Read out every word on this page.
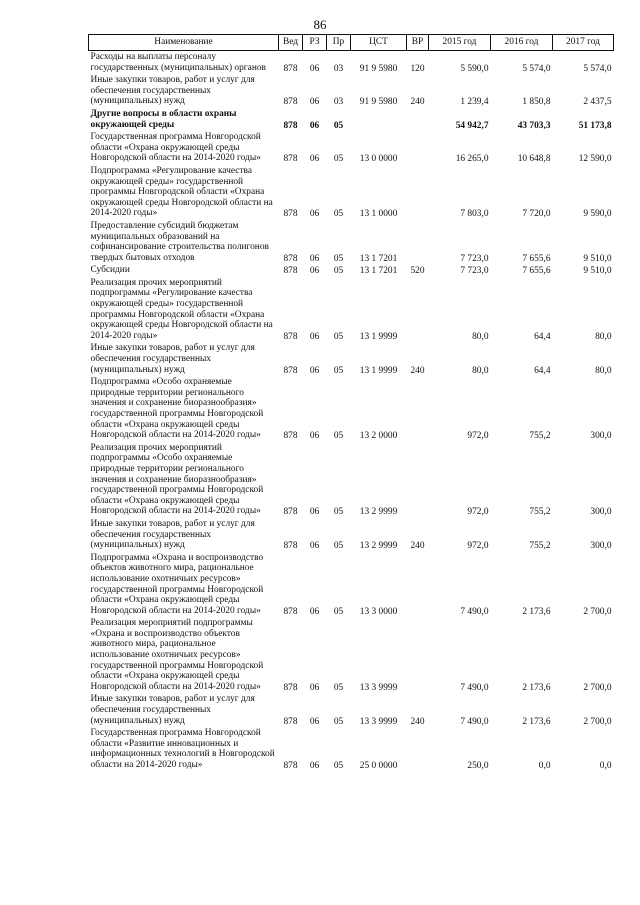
86
Наименование	Вед	РЗ	Пр	ЦСТ	ВР	2015 год	2016 год	2017 год
Расходы на выплаты персоналу государственных (муниципальных) органов	878	06	03	91 9 5980	120	5 590,0	5 574,0	5 574,0
Иные закупки товаров, работ и услуг для обеспечения государственных (муниципальных) нужд	878	06	03	91 9 5980	240	1 239,4	1 850,8	2 437,5
Другие вопросы в области охраны окружающей среды	878	06	05			54 942,7	43 703,3	51 173,8
Государственная программа Новгородской области «Охрана окружающей среды Новгородской области на 2014-2020 годы»	878	06	05	13 0 0000		16 265,0	10 648,8	12 590,0
Подпрограмма «Регулирование качества окружающей среды» государственной программы Новгородской области «Охрана окружающей среды Новгородской области на 2014-2020 годы»	878	06	05	13 1 0000		7 803,0	7 720,0	9 590,0
Предоставление субсидий бюджетам муниципальных образований на софинансирование строительства полигонов твердых бытовых отходов	878	06	05	13 1 7201		7 723,0	7 655,6	9 510,0
Субсидии	878	06	05	13 1 7201	520	7 723,0	7 655,6	9 510,0
Реализация прочих мероприятий подпрограммы «Регулирование качества окружающей среды» государственной программы Новгородской области «Охрана окружающей среды Новгородской области на 2014-2020 годы»	878	06	05	13 1 9999		80,0	64,4	80,0
Иные закупки товаров, работ и услуг для обеспечения государственных (муниципальных) нужд	878	06	05	13 1 9999	240	80,0	64,4	80,0
Подпрограмма «Особо охраняемые природные территории регионального значения и сохранение биоразнообразия» государственной программы Новгородской области «Охрана окружающей среды Новгородской области на 2014-2020 годы»	878	06	05	13 2 0000		972,0	755,2	300,0
Реализация прочих мероприятий подпрограммы «Особо охраняемые природные территории регионального значения и сохранение биоразнообразия» государственной программы Новгородской области «Охрана окружающей среды Новгородской области на 2014-2020 годы»	878	06	05	13 2 9999		972,0	755,2	300,0
Иные закупки товаров, работ и услуг для обеспечения государственных (муниципальных) нужд	878	06	05	13 2 9999	240	972,0	755,2	300,0
Подпрограмма «Охрана и воспроизводство объектов животного мира, рациональное использование охотничьих ресурсов» государственной программы Новгородской области «Охрана окружающей среды Новгородской области на 2014-2020 годы»	878	06	05	13 3 0000		7 490,0	2 173,6	2 700,0
Реализация мероприятий подпрограммы «Охрана и воспроизводство объектов животного мира, рациональное использование охотничьих ресурсов» государственной программы Новгородской области «Охрана окружающей среды Новгородской области на 2014-2020 годы»	878	06	05	13 3 9999		7 490,0	2 173,6	2 700,0
Иные закупки товаров, работ и услуг для обеспечения государственных (муниципальных) нужд	878	06	05	13 3 9999	240	7 490,0	2 173,6	2 700,0
Государственная программа Новгородской области «Развитие инновационных и информационных технологий в Новгородской области на 2014-2020 годы»	878	06	05	25 0 0000		250,0	0,0	0,0
